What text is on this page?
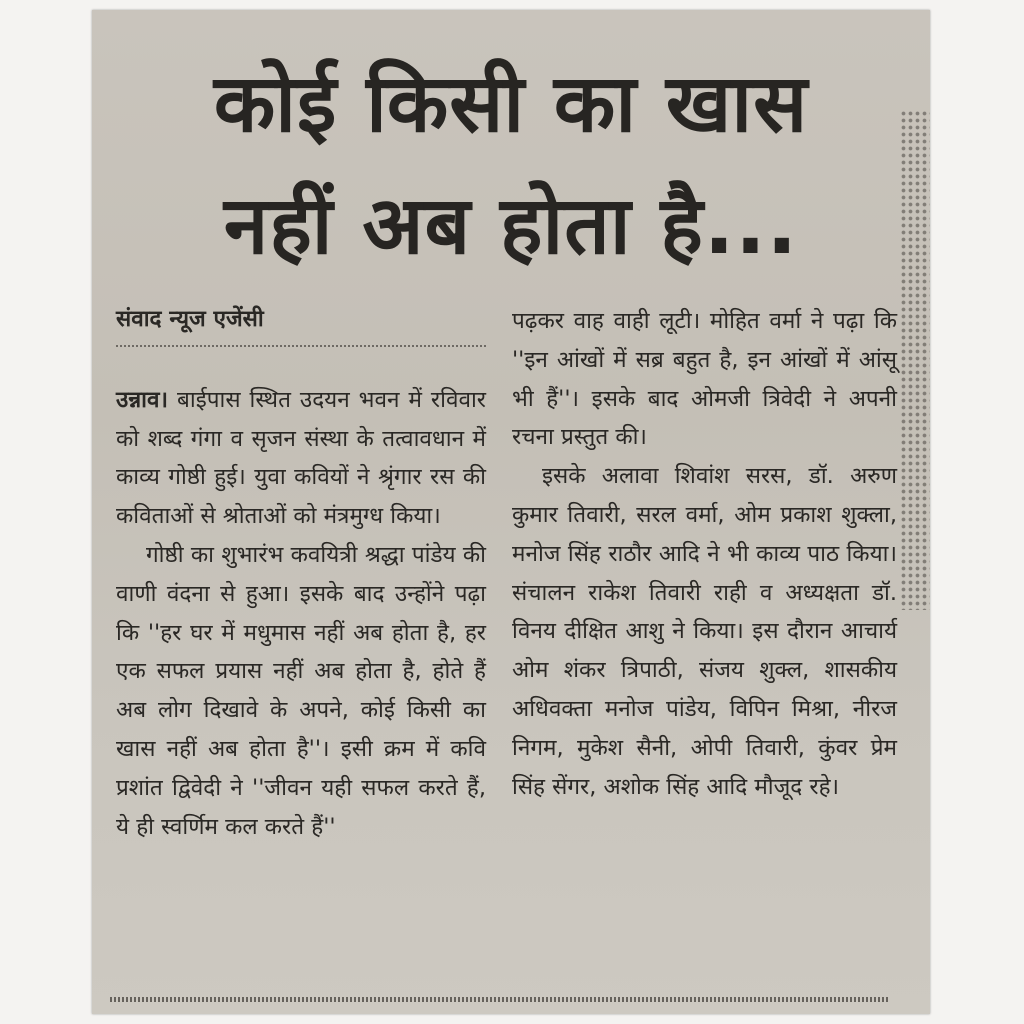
कोई किसी का खास
नहीं अब होता है...

संवाद न्यूज एजेंसी

उन्नाव। बाईपास स्थित उदयन भवन में रविवार को शब्द गंगा व सृजन संस्था के तत्वावधान में काव्य गोष्ठी हुई। युवा कवियों ने श्रृंगार रस की कविताओं से श्रोताओं को मंत्रमुग्ध किया।

गोष्ठी का शुभारंभ कवयित्री श्रद्धा पांडेय की वाणी वंदना से हुआ। इसके बाद उन्होंने पढ़ा कि ''हर घर में मधुमास नहीं अब होता है, हर एक सफल प्रयास नहीं अब होता है, होते हैं अब लोग दिखावे के अपने, कोई किसी का खास नहीं अब होता है''। इसी क्रम में कवि प्रशांत द्विवेदी ने ''जीवन यही सफल करते हैं, ये ही स्वर्णिम कल करते हैं''

पढ़कर वाह वाही लूटी। मोहित वर्मा ने पढ़ा कि ''इन आंखों में सब्र बहुत है, इन आंखों में आंसू भी हैं''। इसके बाद ओमजी त्रिवेदी ने अपनी रचना प्रस्तुत की।

इसके अलावा शिवांश सरस, डॉ. अरुण कुमार तिवारी, सरल वर्मा, ओम प्रकाश शुक्ला, मनोज सिंह राठौर आदि ने भी काव्य पाठ किया। संचालन राकेश तिवारी राही व अध्यक्षता डॉ. विनय दीक्षित आशु ने किया। इस दौरान आचार्य ओम शंकर त्रिपाठी, संजय शुक्ल, शासकीय अधिवक्ता मनोज पांडेय, विपिन मिश्रा, नीरज निगम, मुकेश सैनी, ओपी तिवारी, कुंवर प्रेम सिंह सेंगर, अशोक सिंह आदि मौजूद रहे।
